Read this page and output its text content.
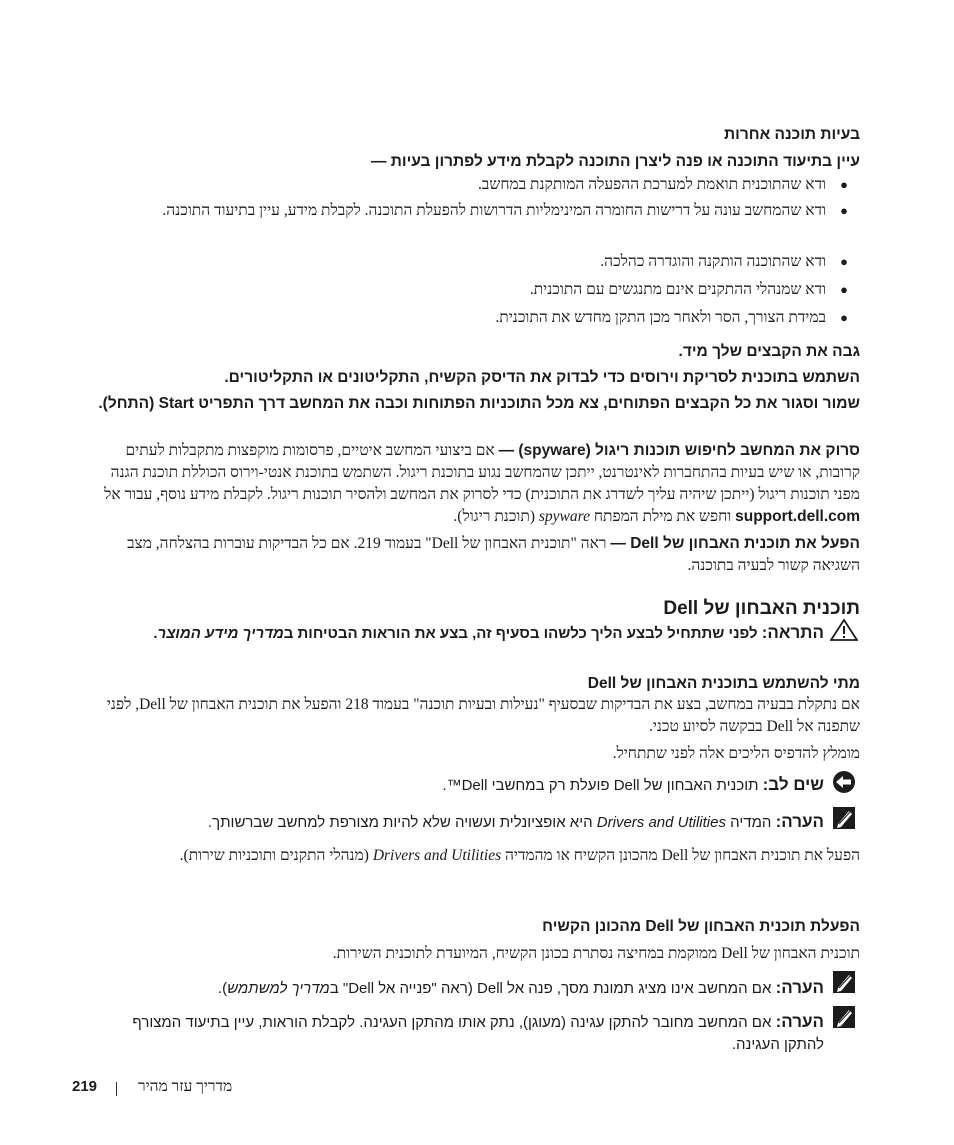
בעיות תוכנה אחרות
עיין בתיעוד התוכנה או פנה ליצרן התוכנה לקבלת מידע לפתרון בעיות —
●
ודא שהתוכנית תואמת למערכת ההפעלה המותקנת במחשב.
●
ודא שהמחשב עונה על דרישות החומרה המינימליות הדרושות להפעלת התוכנה. לקבלת מידע, עיין בתיעוד התוכנה.
●
ודא שהתוכנה הותקנה והוגדרה כהלכה.
●
ודא שמנהלי ההתקנים אינם מתנגשים עם התוכנית.
●
במידת הצורך, הסר ולאחר מכן התקן מחדש את התוכנית.
גבה את הקבצים שלך מיד.
השתמש בתוכנית לסריקת וירוסים כדי לבדוק את הדיסק הקשיח, התקליטונים או התקליטורים.
שמור וסגור את כל הקבצים הפתוחים, צא מכל התוכניות הפתוחות וכבה את המחשב דרך התפריט Start (התחל).
סרוק את המחשב לחיפוש תוכנות ריגול (spyware) — אם ביצועי המחשב איטיים, פרסומות מוקפצות מתקבלות לעתים קרובות, או שיש בעיות בהתחברות לאינטרנט, ייתכן שהמחשב נגוע בתוכנת ריגול. השתמש בתוכנת אנטי-וירוס הכוללת תוכנת הגנה מפני תוכנות ריגול (ייתכן שיהיה עליך לשדרג את התוכנית) כדי לסרוק את המחשב ולהסיר תוכנות ריגול. לקבלת מידע נוסף, עבור אל support.dell.com וחפש את מילת המפתח spyware (תוכנת ריגול).
הפעל את תוכנית האבחון של Dell — ראה "תוכנית האבחון של Dell" בעמוד 219. אם כל הבדיקות עוברות בהצלחה, מצב השגיאה קשור לבעיה בתוכנה.
תוכנית האבחון של Dell
התראה: לפני שתתחיל לבצע הליך כלשהו בסעיף זה, בצע את הוראות הבטיחות במדריך מידע המוצר.
מתי להשתמש בתוכנית האבחון של Dell
אם נתקלת בבעיה במחשב, בצע את הבדיקות שבסעיף "נעילות ובעיות תוכנה" בעמוד 218 והפעל את תוכנית האבחון של Dell, לפני שתפנה אל Dell בבקשה לסיוע טכני.
מומלץ להדפיס הליכים אלה לפני שתתחיל.
שים לב: תוכנית האבחון של Dell פועלת רק במחשבי Dell™.
הערה: המדיה Drivers and Utilities היא אופציונלית ועשויה שלא להיות מצורפת למחשב שברשותך.
הפעל את תוכנית האבחון של Dell מהכונן הקשיח או מהמדיה Drivers and Utilities (מנהלי התקנים ותוכניות שירות).
הפעלת תוכנית האבחון של Dell מהכונן הקשיח
תוכנית האבחון של Dell ממוקמת במחיצה נסתרת בכונן הקשיח, המיועדת לתוכנית השירות.
הערה: אם המחשב אינו מציג תמונת מסך, פנה אל Dell (ראה "פנייה אל Dell" במדריך למשתמש).
הערה: אם המחשב מחובר להתקן עגינה (מעוגן), נתק אותו מהתקן העגינה. לקבלת הוראות, עיין בתיעוד המצורף להתקן העגינה.
219	מדריך עזר מהיר
